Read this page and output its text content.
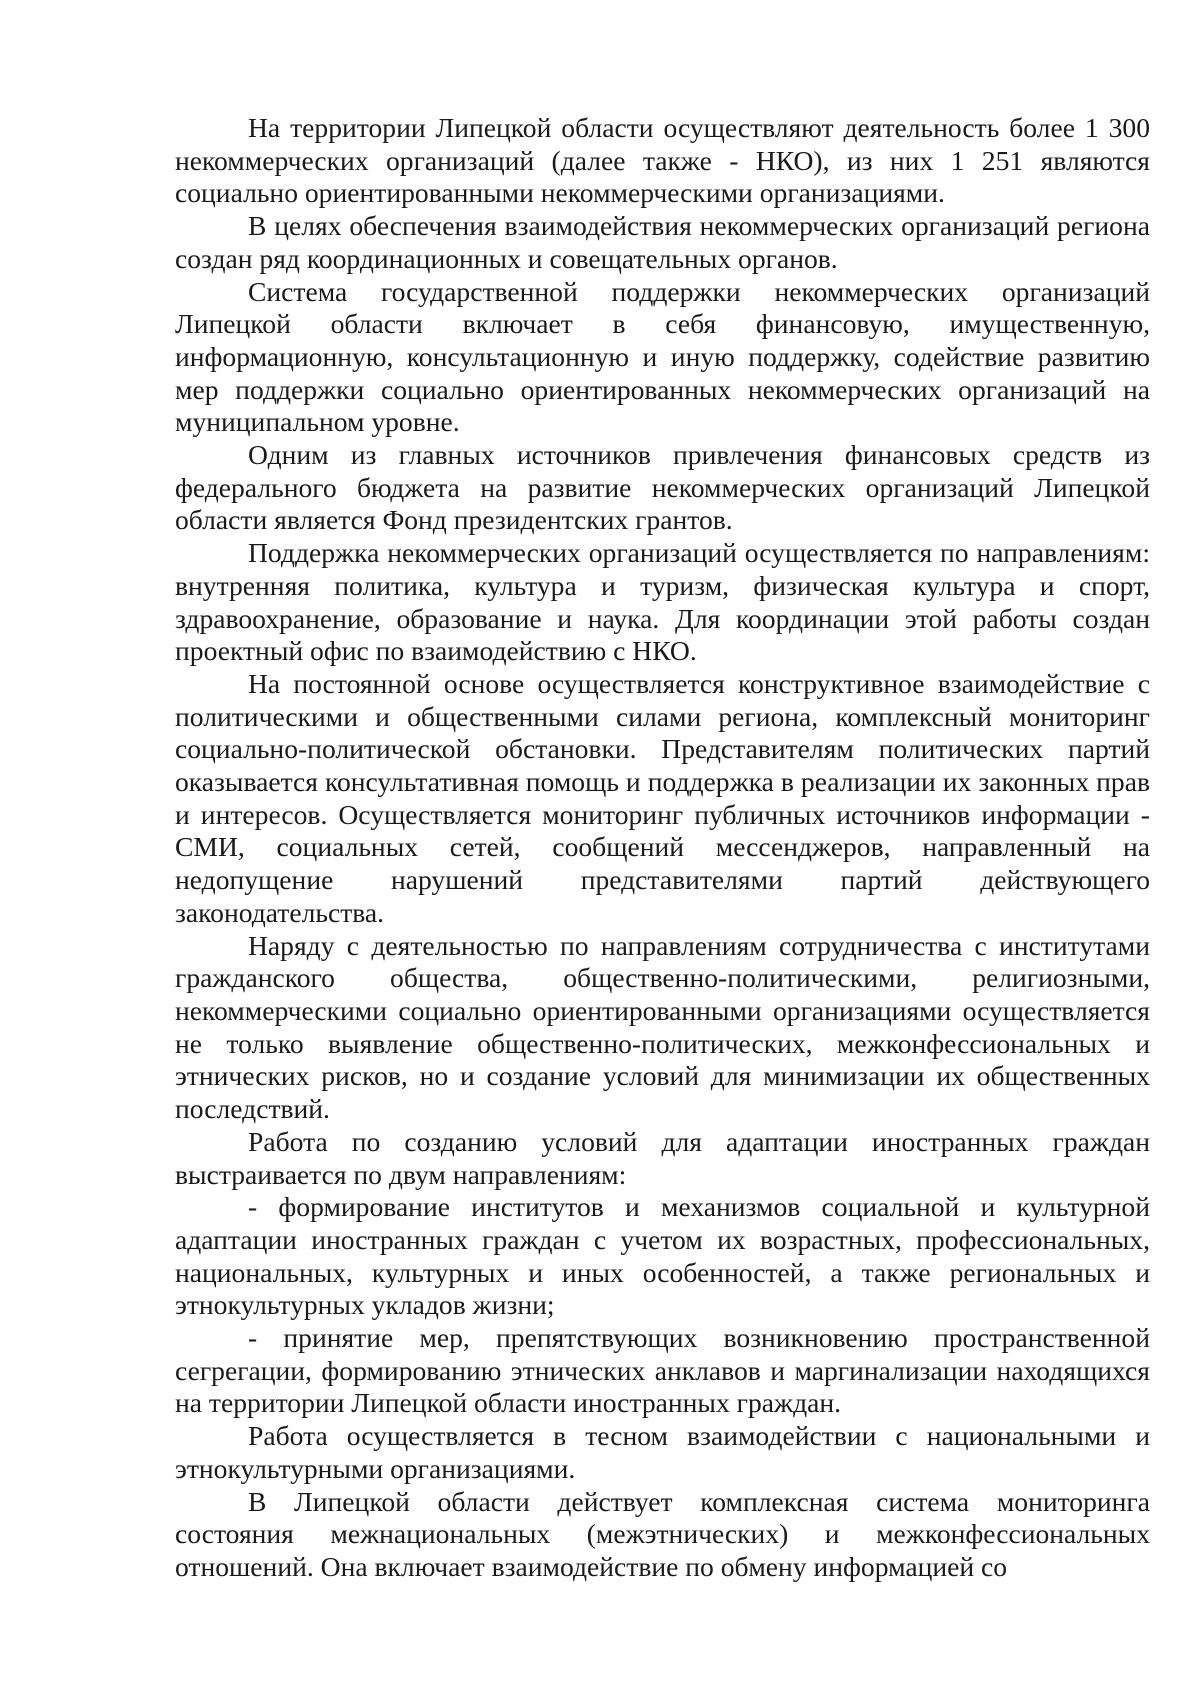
На территории Липецкой области осуществляют деятельность более 1 300 некоммерческих организаций (далее также - НКО), из них 1 251 являются социально ориентированными некоммерческими организациями.

В целях обеспечения взаимодействия некоммерческих организаций региона создан ряд координационных и совещательных органов.

Система государственной поддержки некоммерческих организаций Липецкой области включает в себя финансовую, имущественную, информационную, консультационную и иную поддержку, содействие развитию мер поддержки социально ориентированных некоммерческих организаций на муниципальном уровне.

Одним из главных источников привлечения финансовых средств из федерального бюджета на развитие некоммерческих организаций Липецкой области является Фонд президентских грантов.

Поддержка некоммерческих организаций осуществляется по направлениям: внутренняя политика, культура и туризм, физическая культура и спорт, здравоохранение, образование и наука. Для координации этой работы создан проектный офис по взаимодействию с НКО.

На постоянной основе осуществляется конструктивное взаимодействие с политическими и общественными силами региона, комплексный мониторинг социально-политической обстановки. Представителям политических партий оказывается консультативная помощь и поддержка в реализации их законных прав и интересов. Осуществляется мониторинг публичных источников информации - СМИ, социальных сетей, сообщений мессенджеров, направленный на недопущение нарушений представителями партий действующего законодательства.

Наряду с деятельностью по направлениям сотрудничества с институтами гражданского общества, общественно-политическими, религиозными, некоммерческими социально ориентированными организациями осуществляется не только выявление общественно-политических, межконфессиональных и этнических рисков, но и создание условий для минимизации их общественных последствий.

Работа по созданию условий для адаптации иностранных граждан выстраивается по двум направлениям:

- формирование институтов и механизмов социальной и культурной адаптации иностранных граждан с учетом их возрастных, профессиональных, национальных, культурных и иных особенностей, а также региональных и этнокультурных укладов жизни;

- принятие мер, препятствующих возникновению пространственной сегрегации, формированию этнических анклавов и маргинализации находящихся на территории Липецкой области иностранных граждан.

Работа осуществляется в тесном взаимодействии с национальными и этнокультурными организациями.

В Липецкой области действует комплексная система мониторинга состояния межнациональных (межэтнических) и межконфессиональных отношений. Она включает взаимодействие по обмену информацией со
